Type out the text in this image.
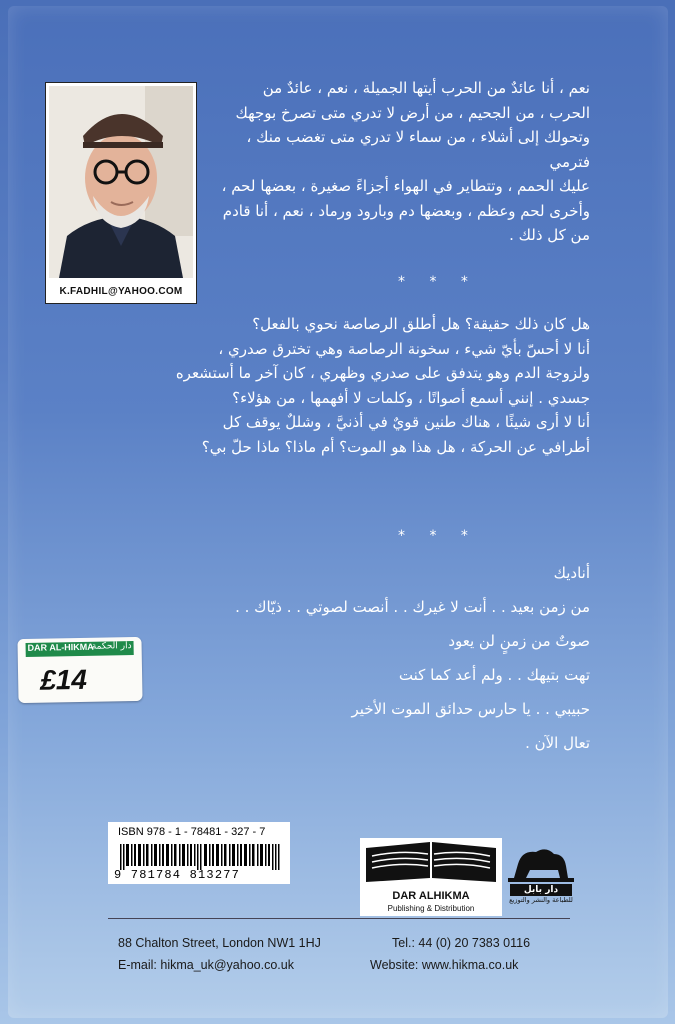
K.FADHIL@YAHOO.COM
نعم ، أنا عائدٌ من الحرب أيتها الجميلة ، نعم ، عائدٌ من
الحرب ، من الجحيم ، من أرض لا تدري متى تصرخ بوجهك
وتحولك إلى أشلاء ، من سماء لا تدري متى تغضب منك ، فترمي
عليك الحمم ، وتتطاير في الهواء أجزاءً صغيرة ، بعضها لحم ،
وأخرى لحم وعظم ، وبعضها دم وبارود ورماد ، نعم ، أنا قادم
من كل ذلك .
* * *
هل كان ذلك حقيقة؟ هل أطلق الرصاصة نحوي بالفعل؟
أنا لا أحسّ بأيّ شيء ، سخونة الرصاصة وهي تخترق صدري ،
ولزوجة الدم وهو يتدفق على صدري وظهري ، كان آخر ما أستشعره
جسدي . إنني أسمع أصواتًا ، وكلمات لا أفهمها ، من هؤلاء؟
أنا لا أرى شيئًا ، هناك طنين قويٌ في أذنيَّ ، وشللٌ يوقف كل
أطرافي عن الحركة ، هل هذا هو الموت؟ أم ماذا؟ ماذا حلّ بي؟
* * *
أناديك
من زمن بعيد . . أنت لا غيرك . . أنصت لصوتي . . ذيّاك . .
صوتٌ من زمنٍ لن يعود
تهت بتيهك . . ولم أعد كما كنت
حبيبي . . يا حارس حدائق الموت الأخير
تعال الآن .
DAR AL-HIKMA
دار الحكمة
£14
ISBN 978 - 1 - 78481 - 327 - 7
9 781784 813277
DAR ALHIKMA
Publishing & Distribution
دار بابل
للطباعة والنشر والتوزيع
88 Chalton Street, London NW1 1HJ	Tel.: 44 (0) 20 7383 0116
E-mail: hikma_uk@yahoo.co.uk	Website: www.hikma.co.uk
